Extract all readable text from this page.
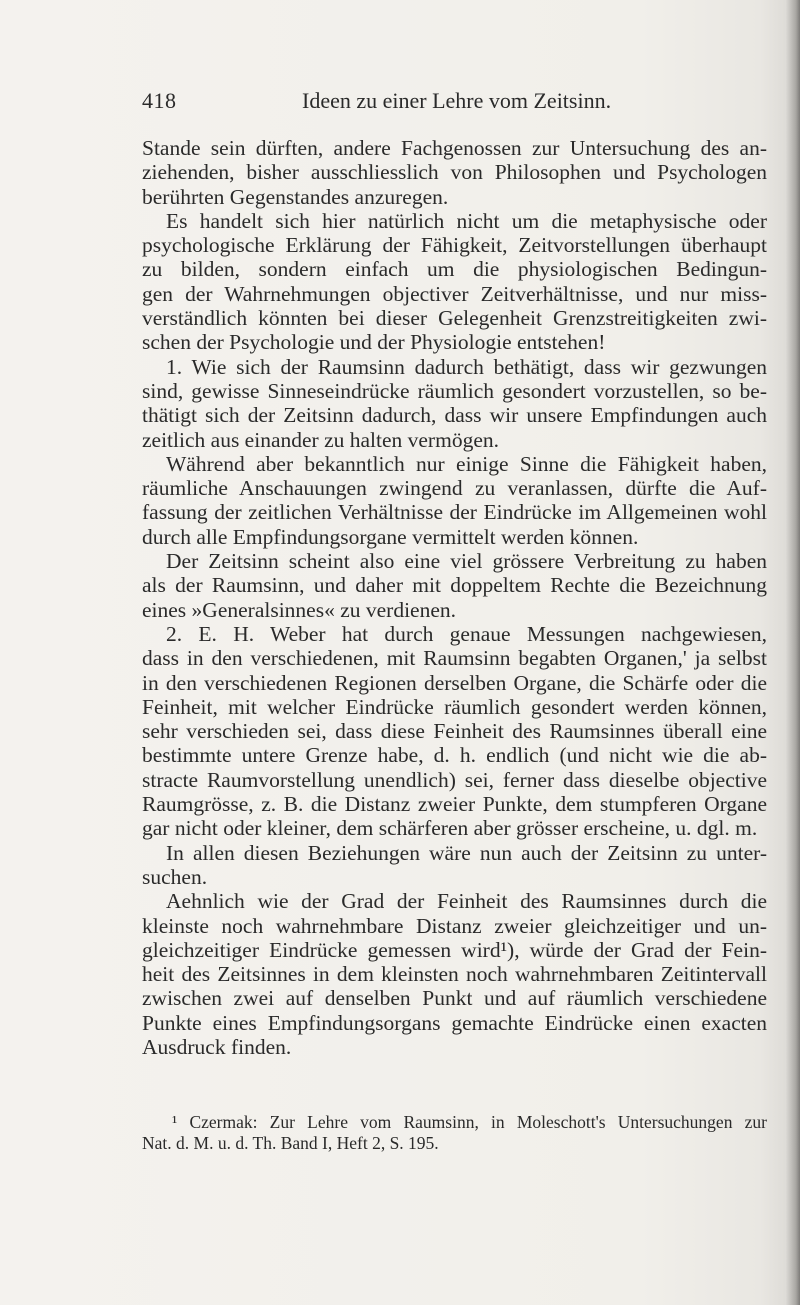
418	Ideen zu einer Lehre vom Zeitsinn.
Stande sein dürften, andere Fachgenossen zur Untersuchung des an-
ziehenden, bisher ausschliesslich von Philosophen und Psychologen
berührten Gegenstandes anzuregen.
Es handelt sich hier natürlich nicht um die metaphysische oder
psychologische Erklärung der Fähigkeit, Zeitvorstellungen überhaupt
zu bilden, sondern einfach um die physiologischen Bedingun-
gen der Wahrnehmungen objectiver Zeitverhältnisse, und nur miss-
verständlich könnten bei dieser Gelegenheit Grenzstreitigkeiten zwi-
schen der Psychologie und der Physiologie entstehen!
1. Wie sich der Raumsinn dadurch bethätigt, dass wir gezwungen
sind, gewisse Sinneseindrücke räumlich gesondert vorzustellen, so be-
thätigt sich der Zeitsinn dadurch, dass wir unsere Empfindungen auch
zeitlich aus einander zu halten vermögen.
Während aber bekanntlich nur einige Sinne die Fähigkeit haben,
räumliche Anschauungen zwingend zu veranlassen, dürfte die Auf-
fassung der zeitlichen Verhältnisse der Eindrücke im Allgemeinen wohl
durch alle Empfindungsorgane vermittelt werden können.
Der Zeitsinn scheint also eine viel grössere Verbreitung zu haben
als der Raumsinn, und daher mit doppeltem Rechte die Bezeichnung
eines »Generalsinnes« zu verdienen.
2. E. H. Weber hat durch genaue Messungen nachgewiesen,
dass in den verschiedenen, mit Raumsinn begabten Organen,' ja selbst
in den verschiedenen Regionen derselben Organe, die Schärfe oder die
Feinheit, mit welcher Eindrücke räumlich gesondert werden können,
sehr verschieden sei, dass diese Feinheit des Raumsinnes überall eine
bestimmte untere Grenze habe, d. h. endlich (und nicht wie die ab-
stracte Raumvorstellung unendlich) sei, ferner dass dieselbe objective
Raumgrösse, z. B. die Distanz zweier Punkte, dem stumpferen Organe
gar nicht oder kleiner, dem schärferen aber grösser erscheine, u. dgl. m.
In allen diesen Beziehungen wäre nun auch der Zeitsinn zu unter-
suchen.
Aehnlich wie der Grad der Feinheit des Raumsinnes durch die
kleinste noch wahrnehmbare Distanz zweier gleichzeitiger und un-
gleichzeitiger Eindrücke gemessen wird¹), würde der Grad der Fein-
heit des Zeitsinnes in dem kleinsten noch wahrnehmbaren Zeitintervall
zwischen zwei auf denselben Punkt und auf räumlich verschiedene
Punkte eines Empfindungsorgans gemachte Eindrücke einen exacten
Ausdruck finden.
¹ Czermak: Zur Lehre vom Raumsinn, in Moleschott's Untersuchungen zur
Nat. d. M. u. d. Th. Band I, Heft 2, S. 195.
